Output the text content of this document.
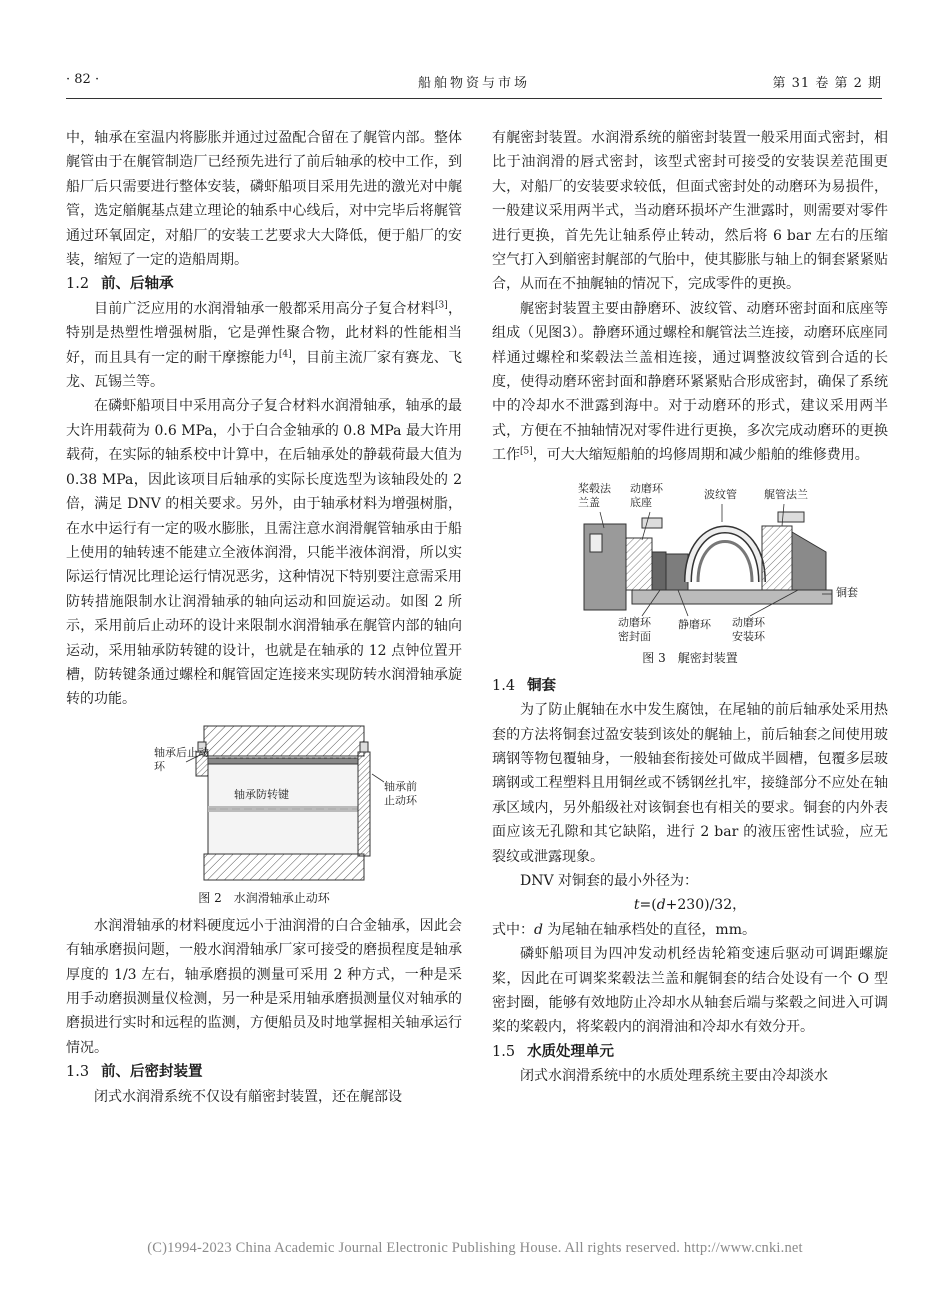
· 82 ·	船舶物资与市场	第 31 卷 第 2 期

中，轴承在室温内将膨胀并通过过盈配合留在了艉管内部。整体艉管由于在艉管制造厂已经预先进行了前后轴承的校中工作，到船厂后只需要进行整体安装，磷虾船项目采用先进的激光对中艉管，选定艏艉基点建立理论的轴系中心线后，对中完毕后将艉管通过环氧固定，对船厂的安装工艺要求大大降低，便于船厂的安装，缩短了一定的造船周期。

1.2 前、后轴承

目前广泛应用的水润滑轴承一般都采用高分子复合材料[3]，特别是热塑性增强树脂，它是弹性聚合物，此材料的性能相当好，而且具有一定的耐干摩擦能力[4]，目前主流厂家有赛龙、飞龙、瓦锡兰等。

在磷虾船项目中采用高分子复合材料水润滑轴承，轴承的最大许用载荷为 0.6 MPa，小于白合金轴承的 0.8 MPa 最大许用载荷，在实际的轴系校中计算中，在后轴承处的静载荷最大值为 0.38 MPa，因此该项目后轴承的实际长度选型为该轴段处的 2 倍，满足 DNV 的相关要求。另外，由于轴承材料为增强树脂，在水中运行有一定的吸水膨胀，且需注意水润滑艉管轴承由于船上使用的轴转速不能建立全液体润滑，只能半液体润滑，所以实际运行情况比理论运行情况恶劣，这种情况下特别要注意需采用防转措施限制水让润滑轴承的轴向运动和回旋运动。如图 2 所示，采用前后止动环的设计来限制水润滑轴承在艉管内部的轴向运动，采用轴承防转键的设计，也就是在轴承的 12 点钟位置开槽，防转键条通过螺栓和艉管固定连接来实现防转水润滑轴承旋转的功能。

轴承后止动环
轴承防转键
轴承前止动环
图 2　水润滑轴承止动环

水润滑轴承的材料硬度远小于油润滑的白合金轴承，因此会有轴承磨损问题，一般水润滑轴承厂家可接受的磨损程度是轴承厚度的 1/3 左右，轴承磨损的测量可采用 2 种方式，一种是采用手动磨损测量仪检测，另一种是采用轴承磨损测量仪对轴承的磨损进行实时和远程的监测，方便船员及时地掌握相关轴承运行情况。

1.3 前、后密封装置

闭式水润滑系统不仅设有艏密封装置，还在艉部设

有艉密封装置。水润滑系统的艏密封装置一般采用面式密封，相比于油润滑的唇式密封，该型式密封可接受的安装误差范围更大，对船厂的安装要求较低，但面式密封处的动磨环为易损件，一般建议采用两半式，当动磨环损坏产生泄露时，则需要对零件进行更换，首先先让轴系停止转动，然后将 6 bar 左右的压缩空气打入到艏密封艉部的气胎中，使其膨胀与轴上的铜套紧紧贴合，从而在不抽艉轴的情况下，完成零件的更换。

艉密封装置主要由静磨环、波纹管、动磨环密封面和底座等组成（见图3）。静磨环通过螺栓和艉管法兰连接，动磨环底座同样通过螺栓和桨毂法兰盖相连接，通过调整波纹管到合适的长度，使得动磨环密封面和静磨环紧紧贴合形成密封，确保了系统中的冷却水不泄露到海中。对于动磨环的形式，建议采用两半式，方便在不抽轴情况对零件进行更换，多次完成动磨环的更换工作[5]，可大大缩短船舶的坞修周期和减少船舶的维修费用。

桨毂法兰盖
动磨环底座
波纹管 艉管法兰
铜套
动磨环密封面
静磨环 动磨环安装环
图 3　艉密封装置
1.4 铜套

为了防止艉轴在水中发生腐蚀，在尾轴的前后轴承处采用热套的方法将铜套过盈安装到该处的艉轴上，前后轴套之间使用玻璃钢等物包覆轴身，一般轴套衔接处可做成半圆槽，包覆多层玻璃钢或工程塑料且用铜丝或不锈钢丝扎牢，接缝部分不应处在轴承区域内，另外船级社对该铜套也有相关的要求。铜套的内外表面应该无孔隙和其它缺陷，进行 2 bar 的液压密性试验，应无裂纹或泄露现象。

DNV 对铜套的最小外径为：

t=(d+230)/32，

式中：d 为尾轴在轴承档处的直径，mm。

磷虾船项目为四冲发动机经齿轮箱变速后驱动可调距螺旋桨，因此在可调桨桨毂法兰盖和艉铜套的结合处设有一个 O 型密封圈，能够有效地防止冷却水从轴套后端与桨毂之间进入可调桨的桨毂内，将桨毂内的润滑油和冷却水有效分开。

1.5 水质处理单元

闭式水润滑系统中的水质处理系统主要由冷却淡水

(C)1994-2023 China Academic Journal Electronic Publishing House. All rights reserved. http://www.cnki.net
